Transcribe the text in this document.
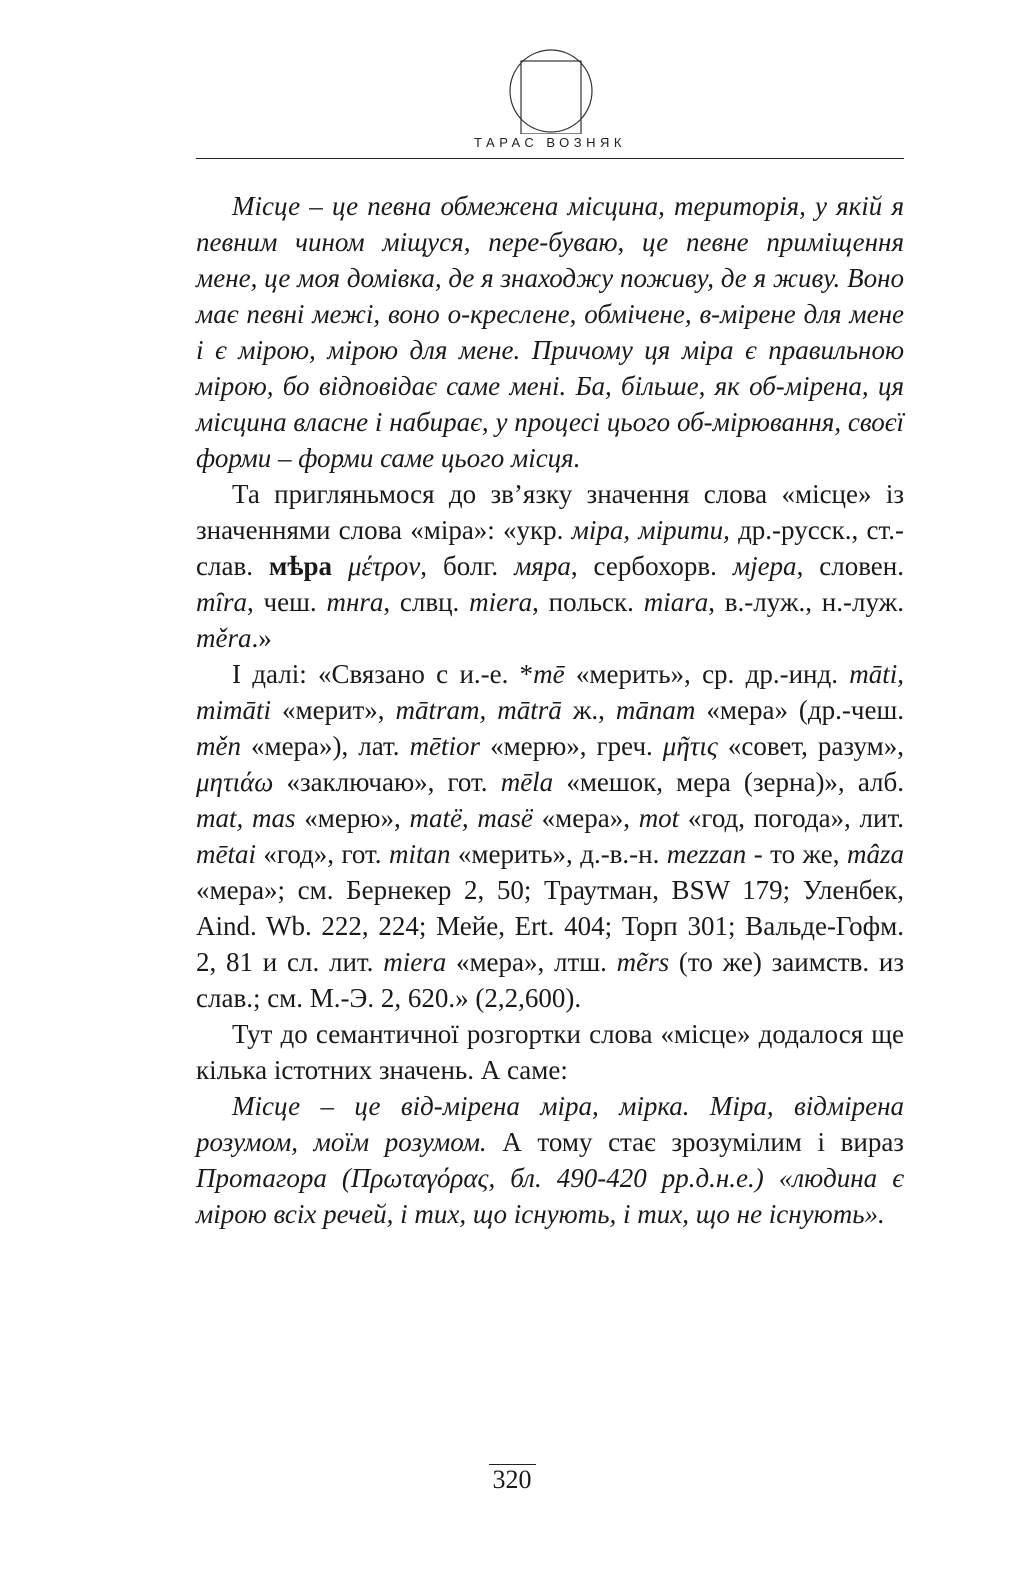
ТАРАС ВОЗНЯК

Місце – це певна обмежена місцина, територія, у якій я певним чином міщуся, пере-буваю, це певне приміщення мене, це моя домівка, де я знаходжу поживу, де я живу. Воно має певні межі, воно о-креслене, обмічене, в-мірене для мене і є мірою, мірою для мене. Причому ця міра є правильною мірою, бо відповідає саме мені. Ба, більше, як об-мірена, ця місцина власне і набирає, у процесі цього об-мірювання, своєї форми – форми саме цього місця.

Та пригляньмося до зв’язку значення слова «місце» із значеннями слова «міра»: «укр. міра, мірити, др.-русск., ст.-слав. мѣра μέτρον, болг. мяра, сербохорв. мjера, словен. mȋra, чеш. mнra, слвц. miera, польск. miara, в.-луж., н.-луж. měra.»

І далі: «Связано с и.-е. *mē «мерить», ср. др.-инд. māti, mimāti «мерит», mātram, mātrā ж., mānam «мера» (др.-чеш. měn «мера»), лат. mētior «мерю», греч. μῆτις «совет, разум», μητιάω «заключаю», гот. mēla «мешок, мера (зерна)», алб. mat, mas «мерю», matë, masë «мера», mot «год, погода», лит. mētai «год», гот. mitan «мерить», д.-в.-н. mezzan - то же, mâza «мера»; см. Бернекер 2, 50; Траутман, BSW 179; Уленбек, Aind. Wb. 222, 224; Мейе, Ert. 404; Торп 301; Вальде-Гофм. 2, 81 и сл. лит. miera «мера», лтш. mẽrs (то же) заимств. из слав.; см. М.-Э. 2, 620.» (2,2,600).

Тут до семантичної розгортки слова «місце» додалося ще кілька істотних значень. А саме:

Місце – це від-мірена міра, мірка. Міра, відмірена розумом, моїм розумом. А тому стає зрозумілим і вираз Протагора (Πρωταγόρας, бл. 490-420 рр.д.н.е.) «людина є мірою всіх речей, і тих, що існують, і тих, що не існують».

320
